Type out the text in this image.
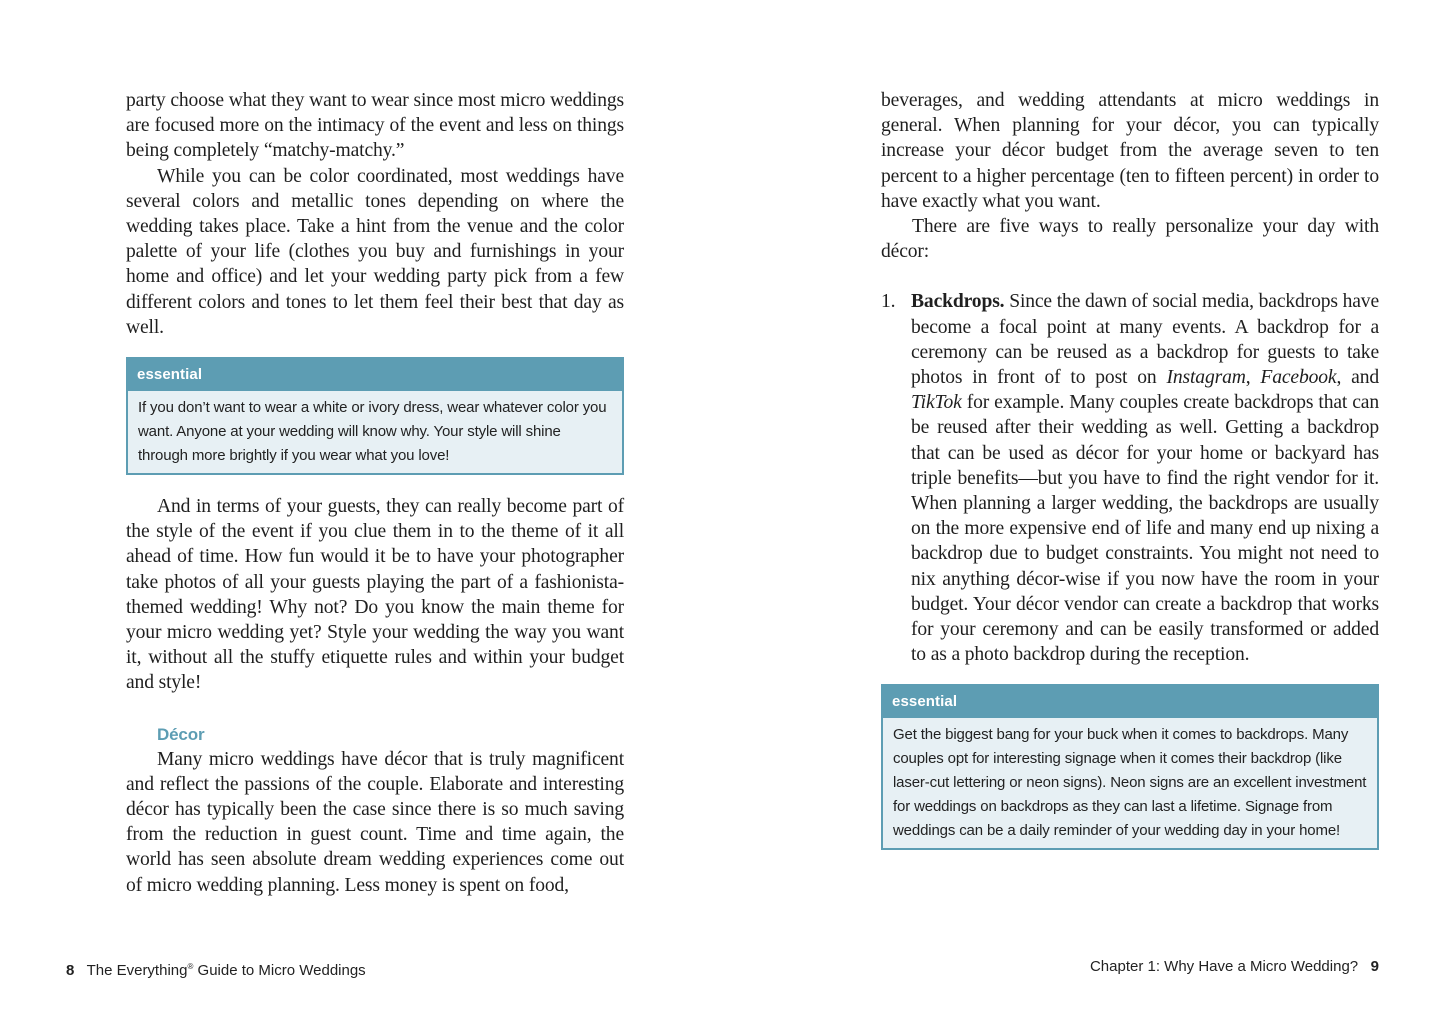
party choose what they want to wear since most micro weddings are focused more on the intimacy of the event and less on things being completely “matchy-matchy.”

While you can be color coordinated, most weddings have several colors and metallic tones depending on where the wedding takes place. Take a hint from the venue and the color palette of your life (clothes you buy and furnishings in your home and office) and let your wedding party pick from a few different colors and tones to let them feel their best that day as well.

essential
If you don’t want to wear a white or ivory dress, wear whatever color you want. Anyone at your wedding will know why. Your style will shine through more brightly if you wear what you love!

And in terms of your guests, they can really become part of the style of the event if you clue them in to the theme of it all ahead of time. How fun would it be to have your photographer take photos of all your guests playing the part of a fashionista-themed wedding! Why not? Do you know the main theme for your micro wedding yet? Style your wedding the way you want it, without all the stuffy etiquette rules and within your budget and style!

Décor

Many micro weddings have décor that is truly magnificent and reflect the passions of the couple. Elaborate and interesting décor has typically been the case since there is so much saving from the reduction in guest count. Time and time again, the world has seen absolute dream wedding experiences come out of micro wedding planning. Less money is spent on food,

8 The Everything® Guide to Micro Weddings

beverages, and wedding attendants at micro weddings in general. When planning for your décor, you can typically increase your décor budget from the average seven to ten percent to a higher percentage (ten to fifteen percent) in order to have exactly what you want.

There are five ways to really personalize your day with décor:

1. Backdrops. Since the dawn of social media, backdrops have become a focal point at many events. A backdrop for a ceremony can be reused as a backdrop for guests to take photos in front of to post on Instagram, Facebook, and TikTok for example. Many couples create backdrops that can be reused after their wedding as well. Getting a backdrop that can be used as décor for your home or backyard has triple benefits—but you have to find the right vendor for it. When planning a larger wedding, the backdrops are usually on the more expensive end of life and many end up nixing a backdrop due to budget constraints. You might not need to nix anything décor-wise if you now have the room in your budget. Your décor vendor can create a backdrop that works for your ceremony and can be easily transformed or added to as a photo backdrop during the reception.

essential
Get the biggest bang for your buck when it comes to backdrops. Many couples opt for interesting signage when it comes their backdrop (like laser-cut lettering or neon signs). Neon signs are an excellent investment for weddings on backdrops as they can last a lifetime. Signage from weddings can be a daily reminder of your wedding day in your home!
Chapter 1: Why Have a Micro Wedding? 9
